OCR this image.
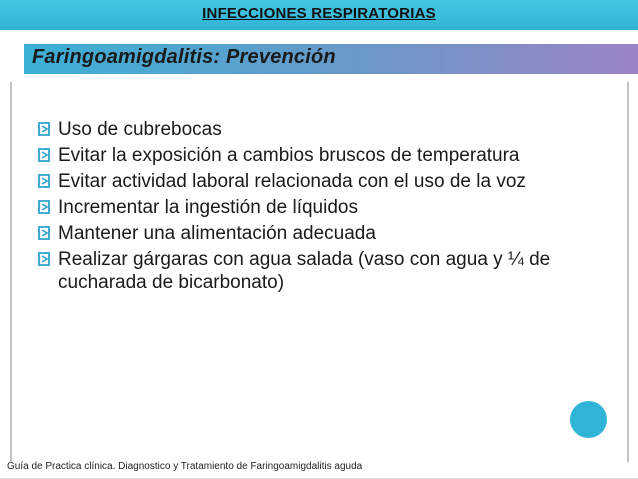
INFECCIONES RESPIRATORIAS
Faringoamigdalitis: Prevención
Uso de cubrebocas
Evitar la exposición a cambios bruscos de temperatura
Evitar actividad laboral relacionada con el uso de la voz
Incrementar la ingestión de líquidos
Mantener una alimentación adecuada
Realizar gárgaras con agua salada (vaso con agua y ¼ de cucharada de bicarbonato)
Guía de Practica clínica. Diagnostico y Tratamiento de Faringoamigdalitis aguda
